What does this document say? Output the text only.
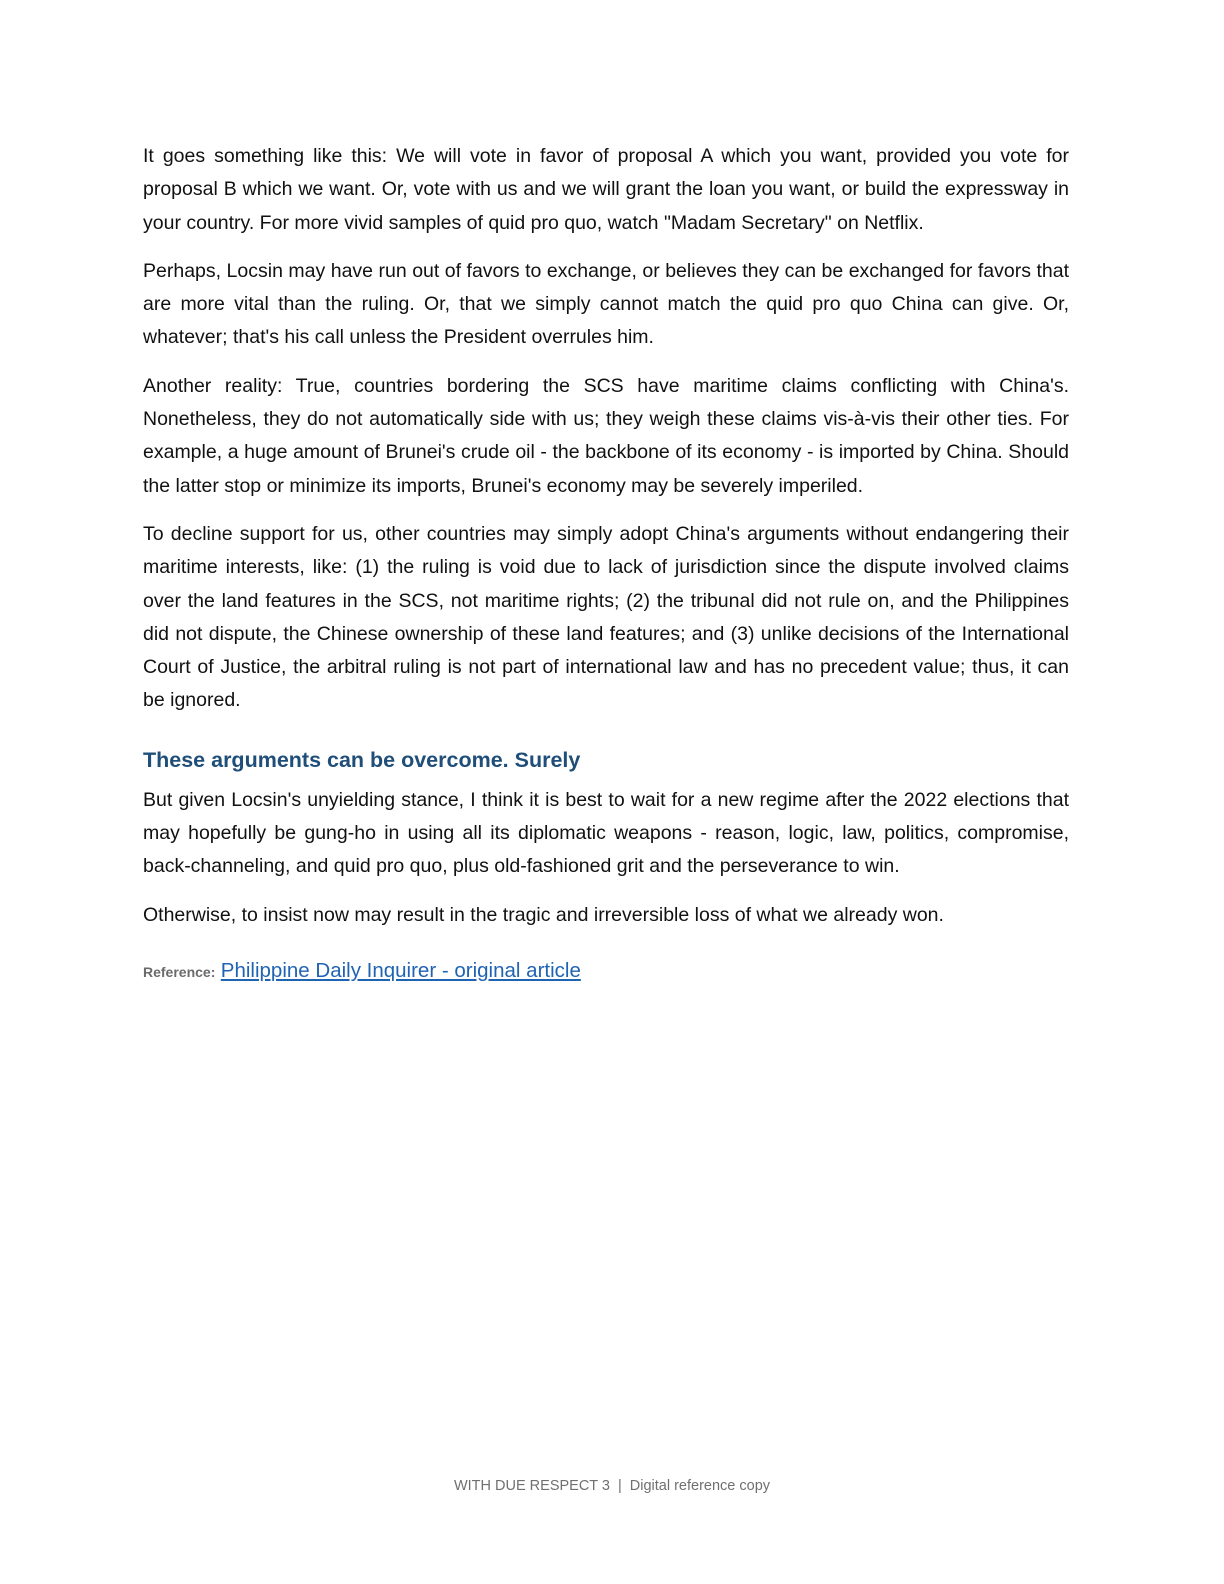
It goes something like this: We will vote in favor of proposal A which you want, provided you vote for proposal B which we want. Or, vote with us and we will grant the loan you want, or build the expressway in your country. For more vivid samples of quid pro quo, watch "Madam Secretary" on Netflix.

Perhaps, Locsin may have run out of favors to exchange, or believes they can be exchanged for favors that are more vital than the ruling. Or, that we simply cannot match the quid pro quo China can give. Or, whatever; that's his call unless the President overrules him.

Another reality: True, countries bordering the SCS have maritime claims conflicting with China's. Nonetheless, they do not automatically side with us; they weigh these claims vis-à-vis their other ties. For example, a huge amount of Brunei's crude oil - the backbone of its economy - is imported by China. Should the latter stop or minimize its imports, Brunei's economy may be severely imperiled.

To decline support for us, other countries may simply adopt China's arguments without endangering their maritime interests, like: (1) the ruling is void due to lack of jurisdiction since the dispute involved claims over the land features in the SCS, not maritime rights; (2) the tribunal did not rule on, and the Philippines did not dispute, the Chinese ownership of these land features; and (3) unlike decisions of the International Court of Justice, the arbitral ruling is not part of international law and has no precedent value; thus, it can be ignored.

These arguments can be overcome. Surely

But given Locsin's unyielding stance, I think it is best to wait for a new regime after the 2022 elections that may hopefully be gung-ho in using all its diplomatic weapons - reason, logic, law, politics, compromise, back-channeling, and quid pro quo, plus old-fashioned grit and the perseverance to win.

Otherwise, to insist now may result in the tragic and irreversible loss of what we already won.

Reference: Philippine Daily Inquirer - original article
WITH DUE RESPECT 3 | Digital reference copy
